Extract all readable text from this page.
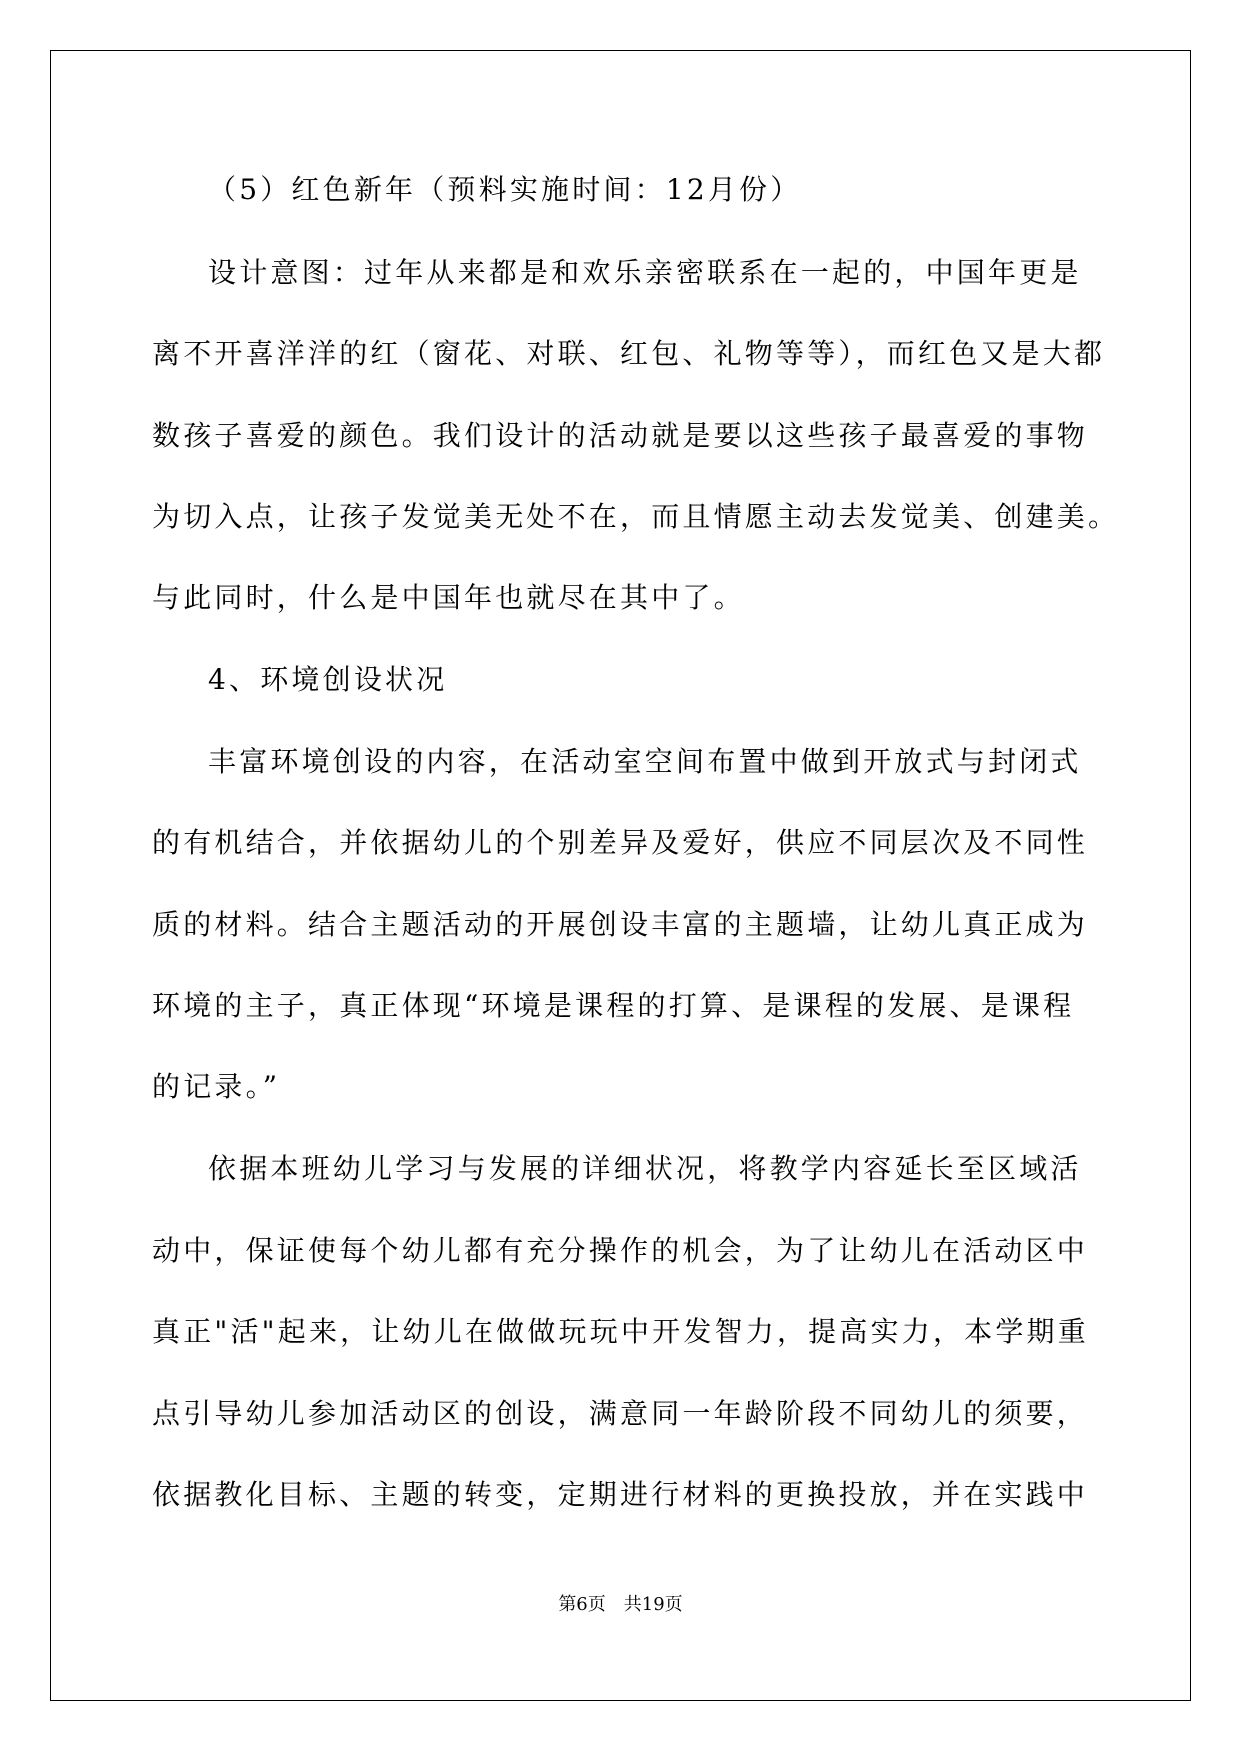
（5）红色新年（预料实施时间：12月份）

设计意图：过年从来都是和欢乐亲密联系在一起的，中国年更是

离不开喜洋洋的红（窗花、对联、红包、礼物等等），而红色又是大都

数孩子喜爱的颜色。我们设计的活动就是要以这些孩子最喜爱的事物

为切入点，让孩子发觉美无处不在，而且情愿主动去发觉美、创建美。

与此同时，什么是中国年也就尽在其中了。

4、环境创设状况

丰富环境创设的内容，在活动室空间布置中做到开放式与封闭式

的有机结合，并依据幼儿的个别差异及爱好，供应不同层次及不同性

质的材料。结合主题活动的开展创设丰富的主题墙，让幼儿真正成为

环境的主子，真正体现“环境是课程的打算、是课程的发展、是课程

的记录。”

依据本班幼儿学习与发展的详细状况，将教学内容延长至区域活

动中，保证使每个幼儿都有充分操作的机会，为了让幼儿在活动区中

真正"活"起来，让幼儿在做做玩玩中开发智力，提高实力，本学期重

点引导幼儿参加活动区的创设，满意同一年龄阶段不同幼儿的须要，

依据教化目标、主题的转变，定期进行材料的更换投放，并在实践中

第6页　共19页
